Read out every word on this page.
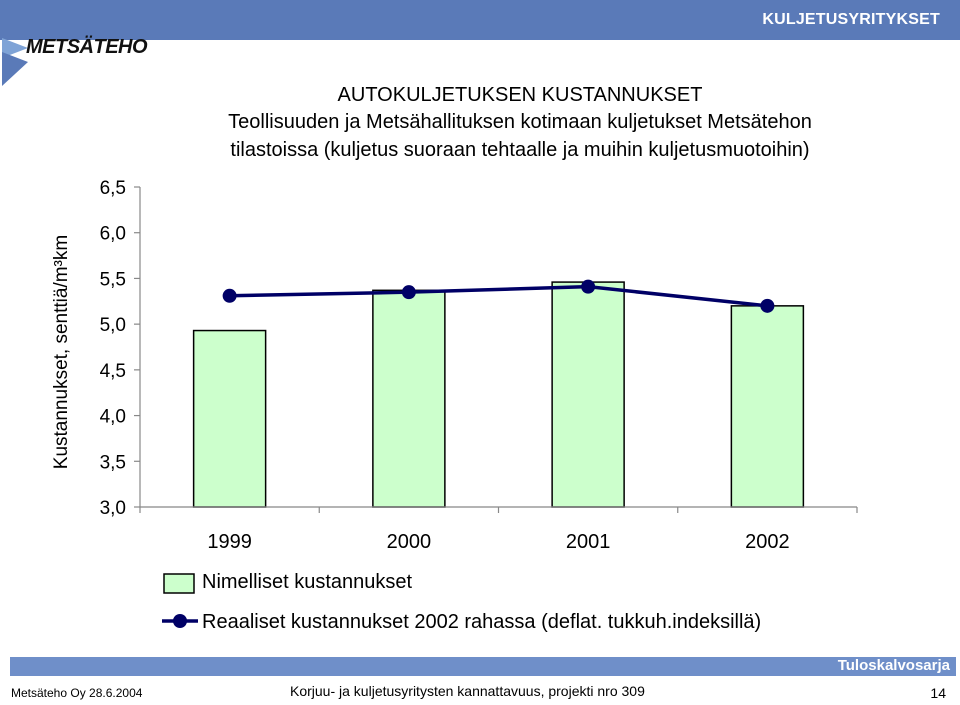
KULJETUSYRITYKSET
METSÄTEHO
AUTOKULJETUKSEN KUSTANNUKSET
Teollisuuden ja Metsähallituksen kotimaan kuljetukset Metsätehon
tilastoissa (kuljetus suoraan tehtaalle ja muihin kuljetusmuotoihin)
Kustannukset, senttiä/m³km
3,0
3,5
4,0
4,5
5,0
5,5
6,0
6,5
1999	2000	2001	2002
Nimelliset kustannukset
Reaaliset kustannukset 2002 rahassa (deflat. tukkuh.indeksillä)
Tuloskalvosarja
Metsäteho Oy 28.6.2004	Korjuu- ja kuljetusyritysten kannattavuus, projekti nro 309	14
